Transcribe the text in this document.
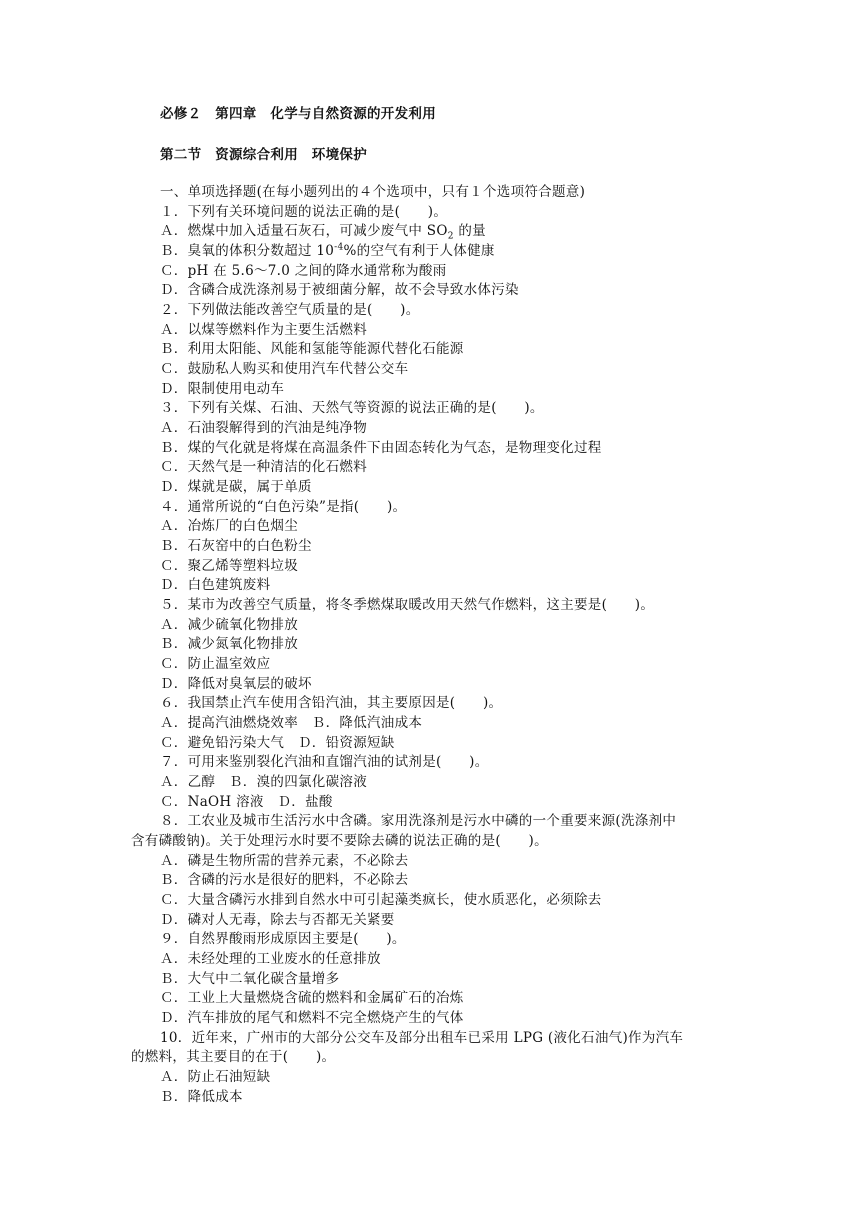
必修２　第四章　化学与自然资源的开发利用
第二节　资源综合利用　环境保护
一、单项选择题(在每小题列出的４个选项中，只有１个选项符合题意)
１．下列有关环境问题的说法正确的是(　　)。
Ａ．燃煤中加入适量石灰石，可减少废气中 $SO_2$ 的量
Ｂ．臭氧的体积分数超过 $10^{-4}\%$的空气有利于人体健康
Ｃ．pH 在 5.6～7.0 之间的降水通常称为酸雨
Ｄ．含磷合成洗涤剂易于被细菌分解，故不会导致水体污染
２．下列做法能改善空气质量的是(　　)。
Ａ．以煤等燃料作为主要生活燃料
Ｂ．利用太阳能、风能和氢能等能源代替化石能源
Ｃ．鼓励私人购买和使用汽车代替公交车
Ｄ．限制使用电动车
３．下列有关煤、石油、天然气等资源的说法正确的是(　　)。
Ａ．石油裂解得到的汽油是纯净物
Ｂ．煤的气化就是将煤在高温条件下由固态转化为气态，是物理变化过程
Ｃ．天然气是一种清洁的化石燃料
Ｄ．煤就是碳，属于单质
４．通常所说的“白色污染”是指(　　)。
Ａ．冶炼厂的白色烟尘
Ｂ．石灰窑中的白色粉尘
Ｃ．聚乙烯等塑料垃圾
Ｄ．白色建筑废料
５．某市为改善空气质量，将冬季燃煤取暖改用天然气作燃料，这主要是(　　)。
Ａ．减少硫氧化物排放
Ｂ．减少氮氧化物排放
Ｃ．防止温室效应
Ｄ．降低对臭氧层的破坏
６．我国禁止汽车使用含铅汽油，其主要原因是(　　)。
Ａ．提高汽油燃烧效率　Ｂ．降低汽油成本
Ｃ．避免铅污染大气　Ｄ．铅资源短缺
７．可用来鉴别裂化汽油和直馏汽油的试剂是(　　)。
Ａ．乙醇　Ｂ．溴的四氯化碳溶液
Ｃ．NaOH 溶液　Ｄ．盐酸
８．工农业及城市生活污水中含磷。家用洗涤剂是污水中磷的一个重要来源(洗涤剂中
含有磷酸钠)。关于处理污水时要不要除去磷的说法正确的是(　　)。
Ａ．磷是生物所需的营养元素，不必除去
Ｂ．含磷的污水是很好的肥料，不必除去
Ｃ．大量含磷污水排到自然水中可引起藻类疯长，使水质恶化，必须除去
Ｄ．磷对人无毒，除去与否都无关紧要
９．自然界酸雨形成原因主要是(　　)。
Ａ．未经处理的工业废水的任意排放
Ｂ．大气中二氧化碳含量增多
Ｃ．工业上大量燃烧含硫的燃料和金属矿石的冶炼
Ｄ．汽车排放的尾气和燃料不完全燃烧产生的气体
10．近年来，广州市的大部分公交车及部分出租车已采用 LPG (液化石油气)作为汽车
的燃料，其主要目的在于(　　)。
Ａ．防止石油短缺
Ｂ．降低成本
